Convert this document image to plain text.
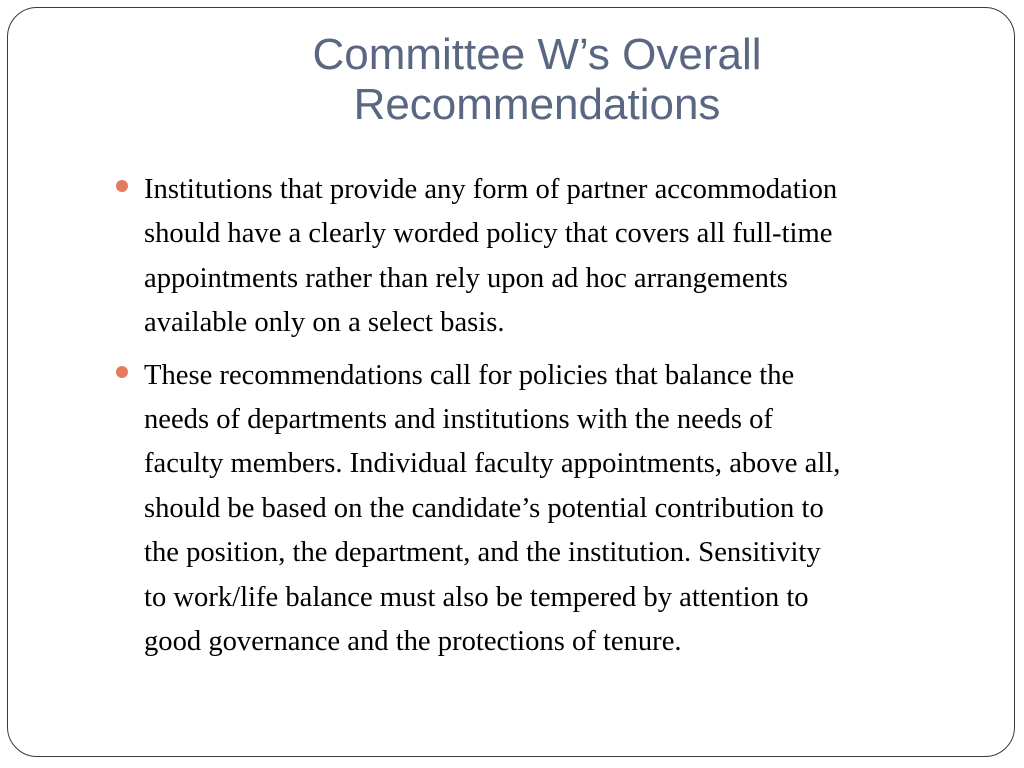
Committee W’s Overall
Recommendations
Institutions that provide any form of partner accommodation
should have a clearly worded policy that covers all full-time
appointments rather than rely upon ad hoc arrangements
available only on a select basis.
These recommendations call for policies that balance the
needs of departments and institutions with the needs of
faculty members. Individual faculty appointments, above all,
should be based on the candidate’s potential contribution to
the position, the department, and the institution. Sensitivity
to work/life balance must also be tempered by attention to
good governance and the protections of tenure.
